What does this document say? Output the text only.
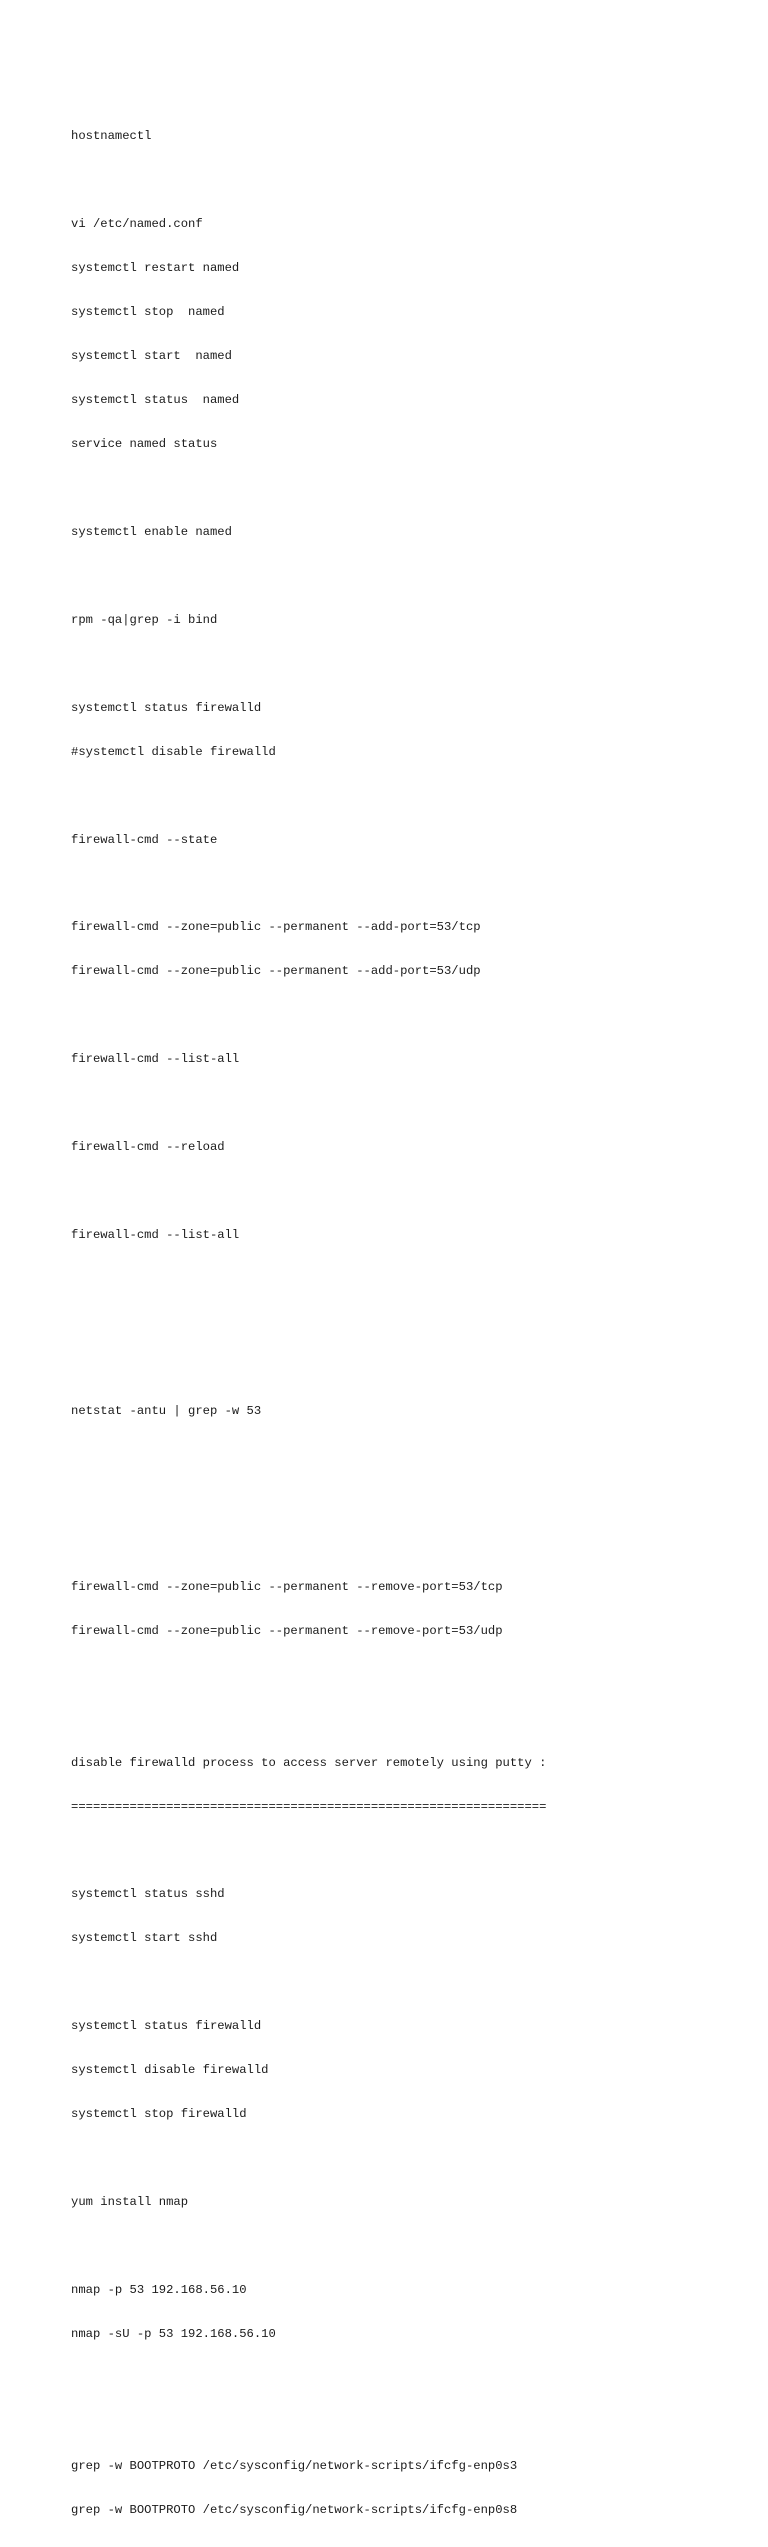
hostnamectl

vi /etc/named.conf

systemctl restart named

systemctl stop  named

systemctl start  named

systemctl status  named

service named status

systemctl enable named

rpm -qa|grep -i bind

systemctl status firewalld

#systemctl disable firewalld

firewall-cmd --state

firewall-cmd --zone=public --permanent --add-port=53/tcp

firewall-cmd --zone=public --permanent --add-port=53/udp

firewall-cmd --list-all

firewall-cmd --reload

firewall-cmd --list-all

netstat -antu | grep -w 53

firewall-cmd --zone=public --permanent --remove-port=53/tcp

firewall-cmd --zone=public --permanent --remove-port=53/udp

disable firewalld process to access server remotely using putty :

=================================================================

systemctl status sshd

systemctl start sshd

systemctl status firewalld

systemctl disable firewalld

systemctl stop firewalld

yum install nmap

nmap -p 53 192.168.56.10

nmap -sU -p 53 192.168.56.10

grep -w BOOTPROTO /etc/sysconfig/network-scripts/ifcfg-enp0s3

grep -w BOOTPROTO /etc/sysconfig/network-scripts/ifcfg-enp0s8
